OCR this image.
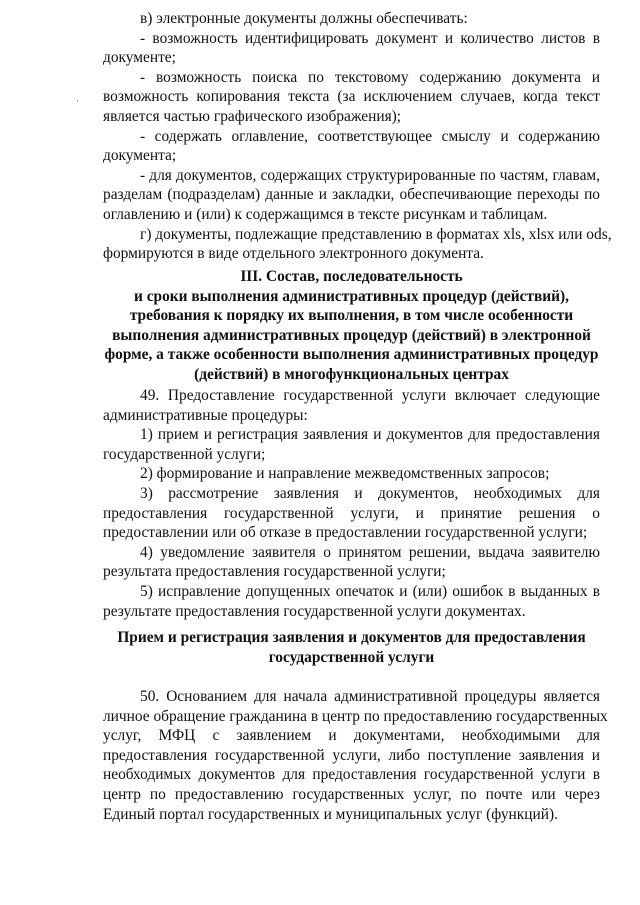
в) электронные документы должны обеспечивать:
- возможность идентифицировать документ и количество листов в
документе;
- возможность поиска по текстовому содержанию документа и
возможность копирования текста (за исключением случаев, когда текст
является частью графического изображения);
- содержать оглавление, соответствующее смыслу и содержанию
документа;
- для документов, содержащих структурированные по частям, главам,
разделам (подразделам) данные и закладки, обеспечивающие переходы по
оглавлению и (или) к содержащимся в тексте рисункам и таблицам.
г) документы, подлежащие представлению в форматах xls, xlsx или ods,
формируются в виде отдельного электронного документа.
III. Состав, последовательность
и сроки выполнения административных процедур (действий),
требования к порядку их выполнения, в том числе особенности
выполнения административных процедур (действий) в электронной
форме, а также особенности выполнения административных процедур
(действий) в многофункциональных центрах
49. Предоставление государственной услуги включает следующие
административные процедуры:
1) прием и регистрация заявления и документов для предоставления
государственной услуги;
2) формирование и направление межведомственных запросов;
3) рассмотрение заявления и документов, необходимых для
предоставления государственной услуги, и принятие решения о
предоставлении или об отказе в предоставлении государственной услуги;
4) уведомление заявителя о принятом решении, выдача заявителю
результата предоставления государственной услуги;
5) исправление допущенных опечаток и (или) ошибок в выданных в
результате предоставления государственной услуги документах.
Прием и регистрация заявления и документов для предоставления
государственной услуги
50. Основанием для начала административной процедуры является
личное обращение гражданина в центр по предоставлению государственных
услуг, МФЦ с заявлением и документами, необходимыми для
предоставления государственной услуги, либо поступление заявления и
необходимых документов для предоставления государственной услуги в
центр по предоставлению государственных услуг, по почте или через
Единый портал государственных и муниципальных услуг (функций).
